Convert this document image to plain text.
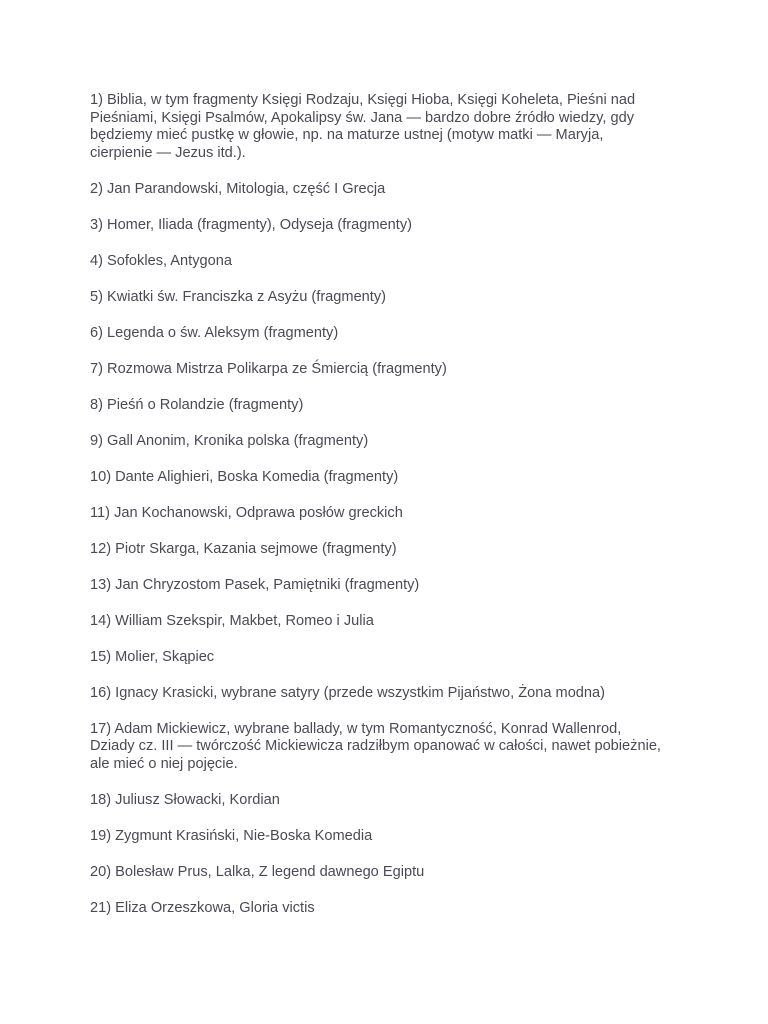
1) Biblia, w tym fragmenty Księgi Rodzaju, Księgi Hioba, Księgi Koheleta, Pieśni nad Pieśniami, Księgi Psalmów, Apokalipsy św. Jana — bardzo dobre źródło wiedzy, gdy będziemy mieć pustkę w głowie, np. na maturze ustnej (motyw matki — Maryja, cierpienie — Jezus itd.).
2) Jan Parandowski, Mitologia, część I Grecja
3) Homer, Iliada (fragmenty), Odyseja (fragmenty)
4) Sofokles, Antygona
5) Kwiatki św. Franciszka z Asyżu (fragmenty)
6) Legenda o św. Aleksym (fragmenty)
7) Rozmowa Mistrza Polikarpa ze Śmiercią (fragmenty)
8) Pieśń o Rolandzie (fragmenty)
9) Gall Anonim, Kronika polska (fragmenty)
10) Dante Alighieri, Boska Komedia (fragmenty)
11) Jan Kochanowski, Odprawa posłów greckich
12) Piotr Skarga, Kazania sejmowe (fragmenty)
13) Jan Chryzostom Pasek, Pamiętniki (fragmenty)
14) William Szekspir, Makbet, Romeo i Julia
15) Molier, Skąpiec
16) Ignacy Krasicki, wybrane satyry (przede wszystkim Pijaństwo, Żona modna)
17) Adam Mickiewicz, wybrane ballady, w tym Romantyczność, Konrad Wallenrod, Dziady cz. III — twórczość Mickiewicza radziłbym opanować w całości, nawet pobieżnie, ale mieć o niej pojęcie.
18) Juliusz Słowacki, Kordian
19) Zygmunt Krasiński, Nie-Boska Komedia
20) Bolesław Prus, Lalka, Z legend dawnego Egiptu
21) Eliza Orzeszkowa, Gloria victis
